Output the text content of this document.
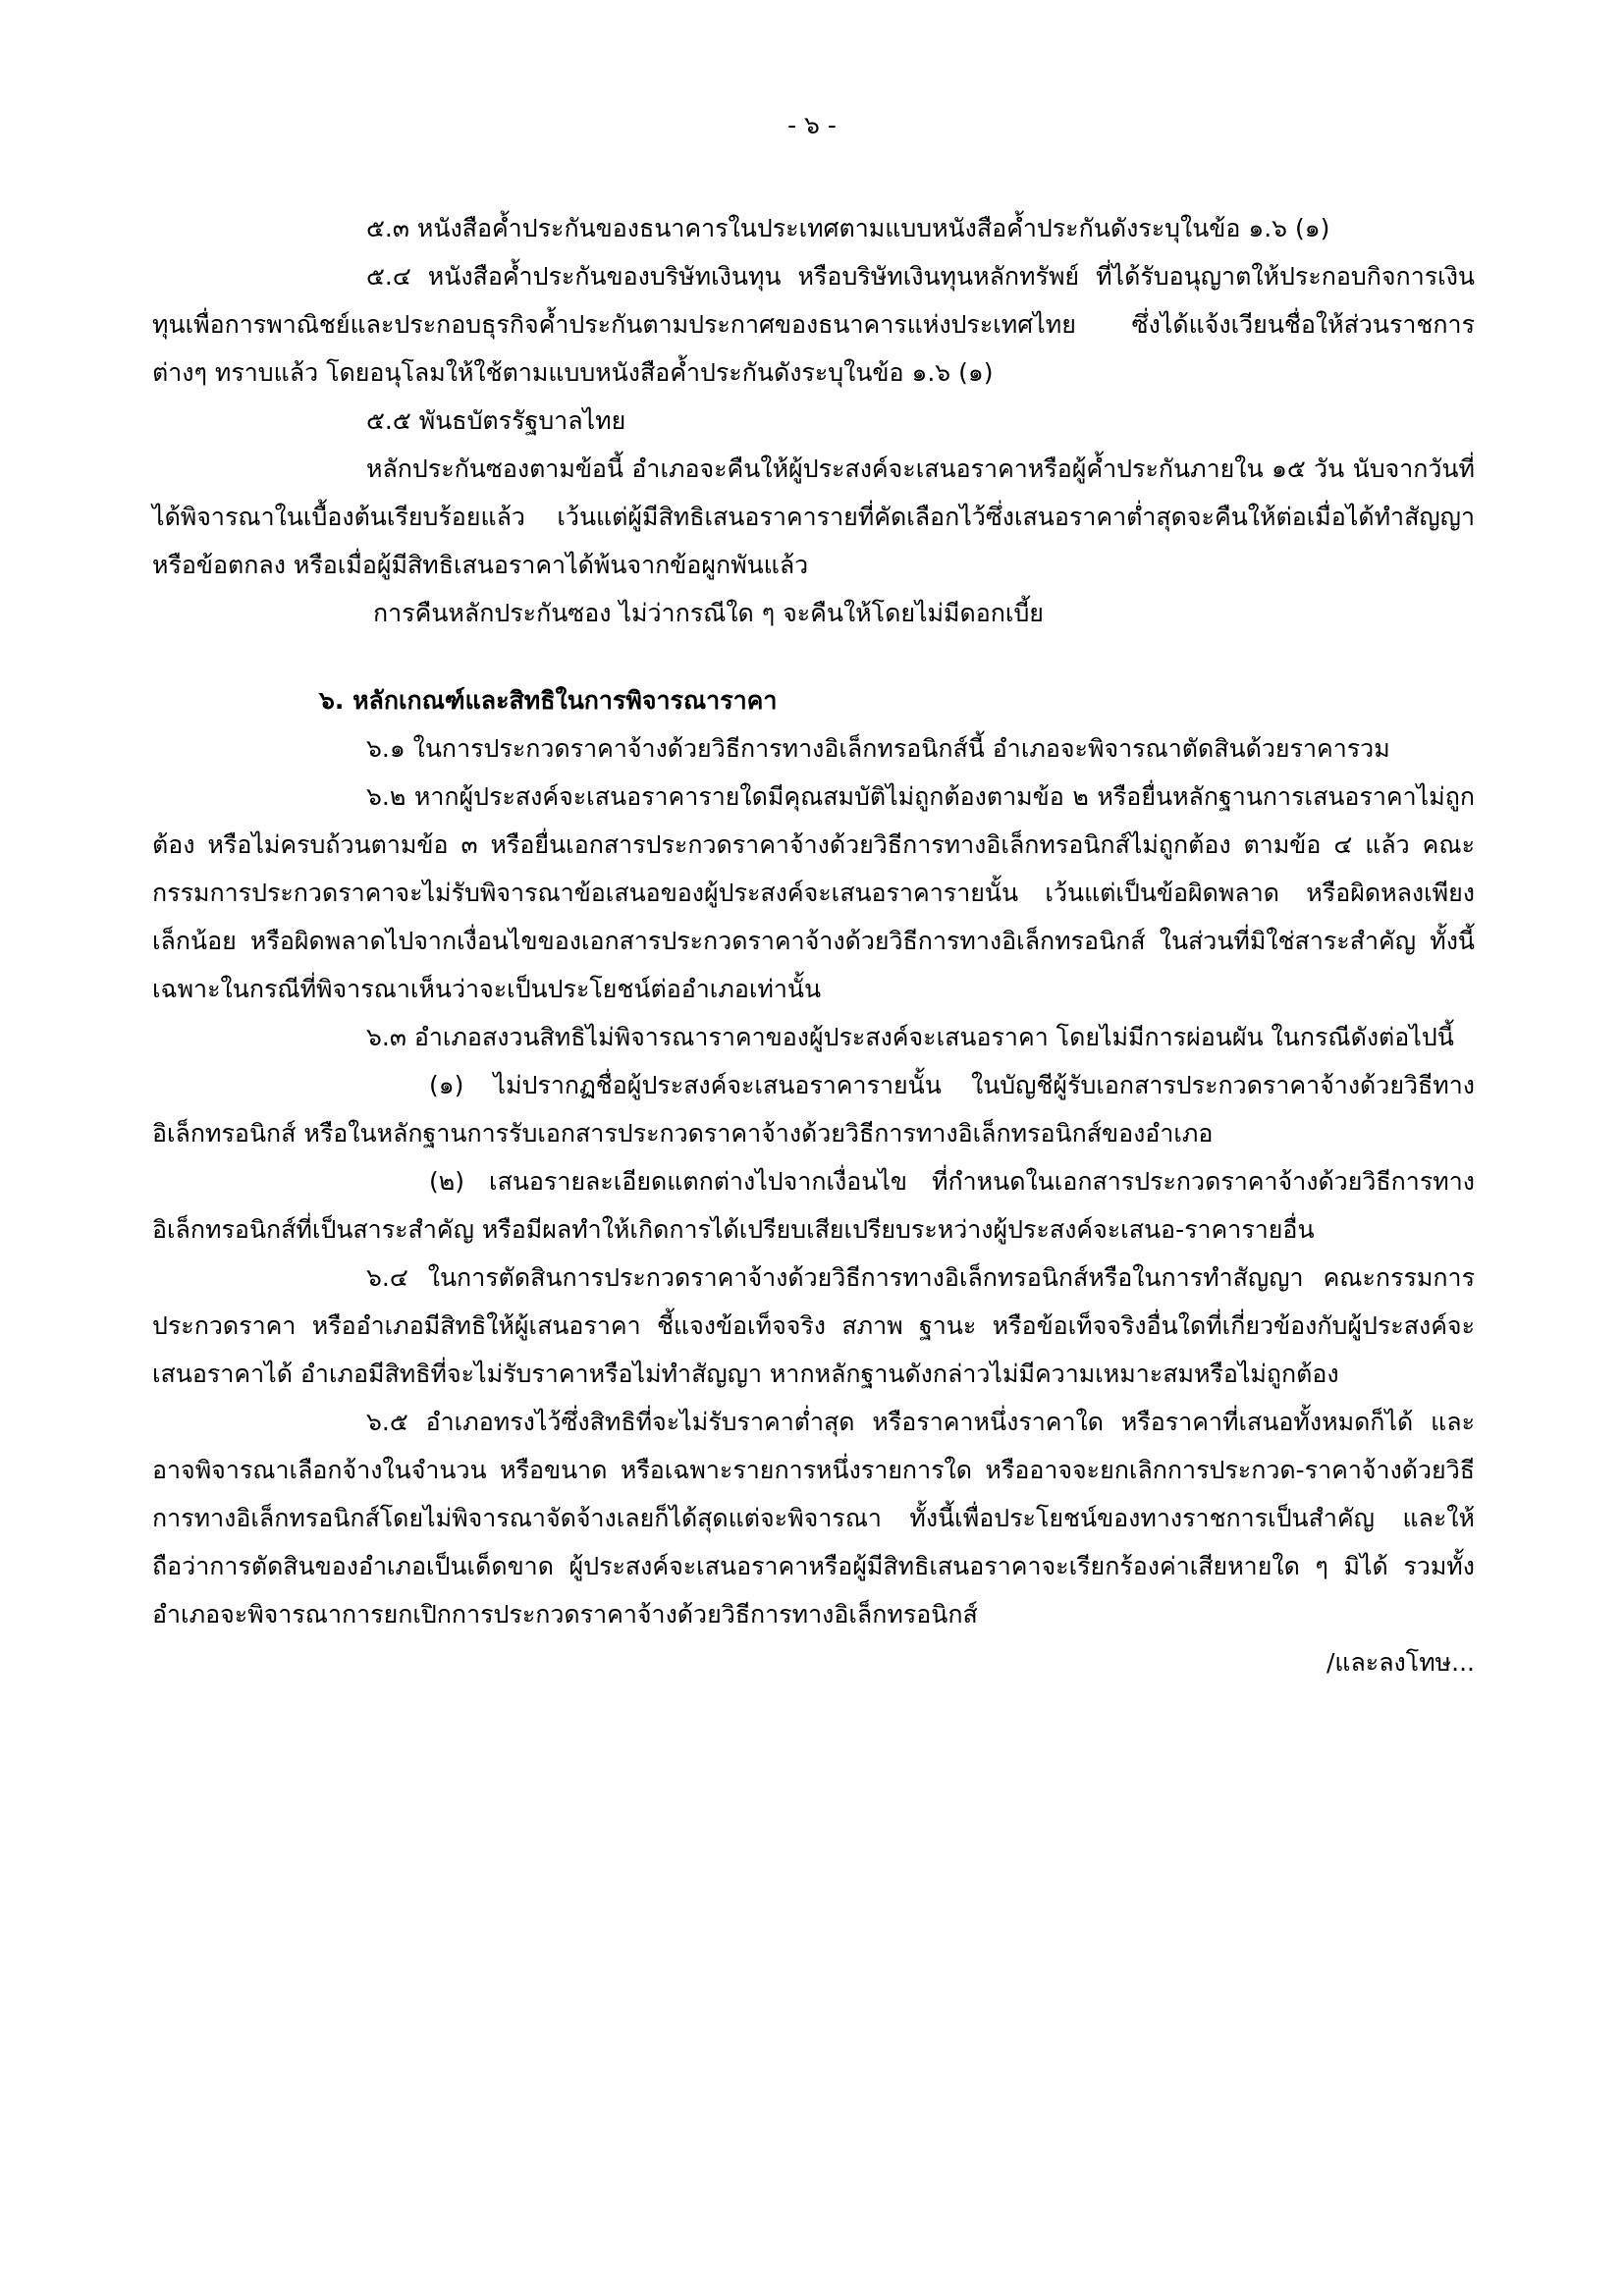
- ๖ -

๕.๓ หนังสือค้ำประกันของธนาคารในประเทศตามแบบหนังสือค้ำประกันดังระบุในข้อ ๑.๖ (๑)

๕.๔ หนังสือค้ำประกันของบริษัทเงินทุน หรือบริษัทเงินทุนหลักทรัพย์ ที่ได้รับอนุญาตให้ประกอบกิจการเงินทุนเพื่อการพาณิชย์และประกอบธุรกิจค้ำประกันตามประกาศของธนาคารแห่งประเทศไทย ซึ่งได้แจ้งเวียนชื่อให้ส่วนราชการต่างๆ ทราบแล้ว โดยอนุโลมให้ใช้ตามแบบหนังสือค้ำประกันดังระบุในข้อ ๑.๖ (๑)

๕.๕ พันธบัตรรัฐบาลไทย

หลักประกันซองตามข้อนี้ อำเภอจะคืนให้ผู้ประสงค์จะเสนอราคาหรือผู้ค้ำประกันภายใน ๑๕ วัน นับจากวันที่ได้พิจารณาในเบื้องต้นเรียบร้อยแล้ว เว้นแต่ผู้มีสิทธิเสนอราคารายที่คัดเลือกไว้ซึ่งเสนอราคาต่ำสุดจะคืนให้ต่อเมื่อได้ทำสัญญาหรือข้อตกลง หรือเมื่อผู้มีสิทธิเสนอราคาได้พ้นจากข้อผูกพันแล้ว

การคืนหลักประกันซอง ไม่ว่ากรณีใด ๆ จะคืนให้โดยไม่มีดอกเบี้ย

๖. หลักเกณฑ์และสิทธิในการพิจารณาราคา

๖.๑ ในการประกวดราคาจ้างด้วยวิธีการทางอิเล็กทรอนิกส์นี้ อำเภอจะพิจารณาตัดสินด้วยราคารวม

๖.๒ หากผู้ประสงค์จะเสนอราคารายใดมีคุณสมบัติไม่ถูกต้องตามข้อ ๒ หรือยื่นหลักฐานการเสนอราคาไม่ถูกต้อง หรือไม่ครบถ้วนตามข้อ ๓ หรือยื่นเอกสารประกวดราคาจ้างด้วยวิธีการทางอิเล็กทรอนิกส์ไม่ถูกต้อง ตามข้อ ๔ แล้ว คณะกรรมการประกวดราคาจะไม่รับพิจารณาข้อเสนอของผู้ประสงค์จะเสนอราคารายนั้น เว้นแต่เป็นข้อผิดพลาด หรือผิดหลงเพียงเล็กน้อย หรือผิดพลาดไปจากเงื่อนไขของเอกสารประกวดราคาจ้างด้วยวิธีการทางอิเล็กทรอนิกส์ ในส่วนที่มิใช่สาระสำคัญ ทั้งนี้ เฉพาะในกรณีที่พิจารณาเห็นว่าจะเป็นประโยชน์ต่ออำเภอเท่านั้น

๖.๓ อำเภอสงวนสิทธิไม่พิจารณาราคาของผู้ประสงค์จะเสนอราคา โดยไม่มีการผ่อนผัน ในกรณีดังต่อไปนี้

(๑) ไม่ปรากฏชื่อผู้ประสงค์จะเสนอราคารายนั้น ในบัญชีผู้รับเอกสารประกวดราคาจ้างด้วยวิธีทางอิเล็กทรอนิกส์ หรือในหลักฐานการรับเอกสารประกวดราคาจ้างด้วยวิธีการทางอิเล็กทรอนิกส์ของอำเภอ

(๒) เสนอรายละเอียดแตกต่างไปจากเงื่อนไข ที่กำหนดในเอกสารประกวดราคาจ้างด้วยวิธีการทางอิเล็กทรอนิกส์ที่เป็นสาระสำคัญ หรือมีผลทำให้เกิดการได้เปรียบเสียเปรียบระหว่างผู้ประสงค์จะเสนอ-ราคารายอื่น

๖.๔ ในการตัดสินการประกวดราคาจ้างด้วยวิธีการทางอิเล็กทรอนิกส์หรือในการทำสัญญา คณะกรรมการประกวดราคา หรืออำเภอมีสิทธิให้ผู้เสนอราคา ชี้แจงข้อเท็จจริง สภาพ ฐานะ หรือข้อเท็จจริงอื่นใดที่เกี่ยวข้องกับผู้ประสงค์จะเสนอราคาได้ อำเภอมีสิทธิที่จะไม่รับราคาหรือไม่ทำสัญญา หากหลักฐานดังกล่าวไม่มีความเหมาะสมหรือไม่ถูกต้อง

๖.๕ อำเภอทรงไว้ซึ่งสิทธิที่จะไม่รับราคาต่ำสุด หรือราคาหนึ่งราคาใด หรือราคาที่เสนอทั้งหมดก็ได้ และอาจพิจารณาเลือกจ้างในจำนวน หรือขนาด หรือเฉพาะรายการหนึ่งรายการใด หรืออาจจะยกเลิกการประกวด-ราคาจ้างด้วยวิธีการทางอิเล็กทรอนิกส์โดยไม่พิจารณาจัดจ้างเลยก็ได้สุดแต่จะพิจารณา ทั้งนี้เพื่อประโยชน์ของทางราชการเป็นสำคัญ และให้ถือว่าการตัดสินของอำเภอเป็นเด็ดขาด ผู้ประสงค์จะเสนอราคาหรือผู้มีสิทธิเสนอราคาจะเรียกร้องค่าเสียหายใด ๆ มิได้ รวมทั้งอำเภอจะพิจารณาการยกเปิกการประกวดราคาจ้างด้วยวิธีการทางอิเล็กทรอนิกส์

/และลงโทษ...
